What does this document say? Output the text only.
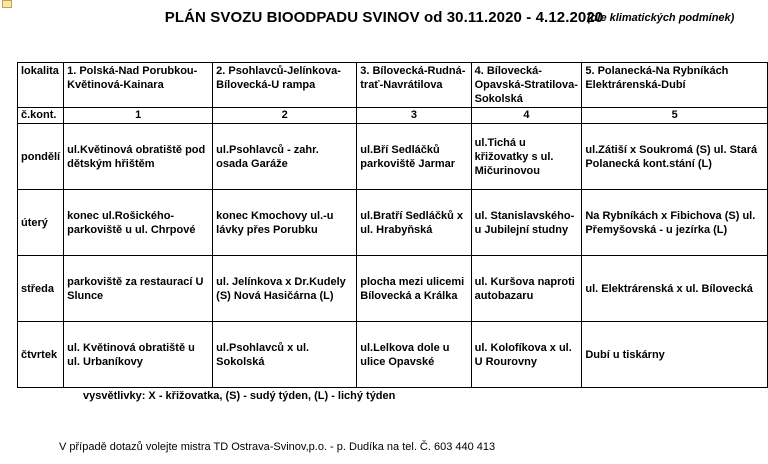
PLÁN SVOZU BIOODPADU SVINOV od 30.11.2020 - 4.12.2020
(dle klimatických podmínek)
lokalita	1. Polská-Nad Porubkou-Květinová-Kainara	2. Psohlavců-Jelínkova-Bílovecká-U rampa	3. Bílovecká-Rudná-trať-Navrátilova	4. Bílovecká-Opavská-Stratilova-Sokolská	5. Polanecká-Na Rybníkách Elektrárenská-Dubí
č.kont.	1	2	3	4	5
pondělí	ul.Květinová obratiště pod dětským hřištěm	ul.Psohlavců - zahr. osada Garáže	ul.Bří Sedláčků parkoviště Jarmar	ul.Tichá u křižovatky s ul. Mičurinovou	ul.Zátiší x Soukromá (S) ul. Stará Polanecká kont.stání (L)
úterý	konec ul.Rošického-parkoviště u ul. Chrpové	konec Kmochovy ul.-u lávky přes Porubku	ul.Bratří Sedláčků x ul. Hrabyňská	ul. Stanislavského-u Jubilejní studny	Na Rybníkách x Fibichova (S) ul. Přemyšovská - u jezírka (L)
středa	parkoviště za restaurací U Slunce	ul. Jelínkova x Dr.Kudely (S) Nová Hasičárna (L)	plocha mezi ulicemi Bílovecká a Králka	ul. Kuršova naproti autobazaru	ul. Elektrárenská x ul. Bílovecká
čtvrtek	ul. Květinová obratiště u ul. Urbaníkovy	ul.Psohlavců x ul. Sokolská	ul.Lelkova dole u ulice Opavské	ul. Kolofíkova x ul. U Rourovny	Dubí u tiskárny
vysvětlivky: X - křižovatka, (S) - sudý týden, (L) - lichý týden
V případě dotazů volejte mistra TD Ostrava-Svinov,p.o. - p. Dudíka na tel. Č. 603 440 413
